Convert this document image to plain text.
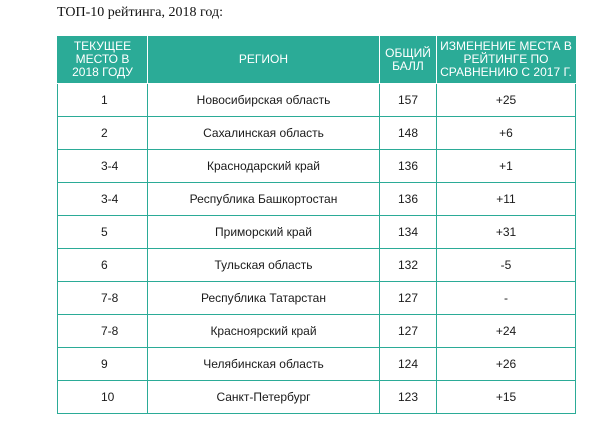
ТОП-10 рейтинга, 2018 год:
ТЕКУЩЕЕ МЕСТО В 2018 ГОДУ	РЕГИОН	ОБЩИЙ БАЛЛ	ИЗМЕНЕНИЕ МЕСТА В РЕЙТИНГЕ ПО СРАВНЕНИЮ С 2017 Г.
1	Новосибирская область	157	+25
2	Сахалинская область	148	+6
3-4	Краснодарский край	136	+1
3-4	Республика Башкортостан	136	+11
5	Приморский край	134	+31
6	Тульская область	132	-5
7-8	Республика Татарстан	127	-
7-8	Красноярский край	127	+24
9	Челябинская область	124	+26
10	Санкт-Петербург	123	+15
